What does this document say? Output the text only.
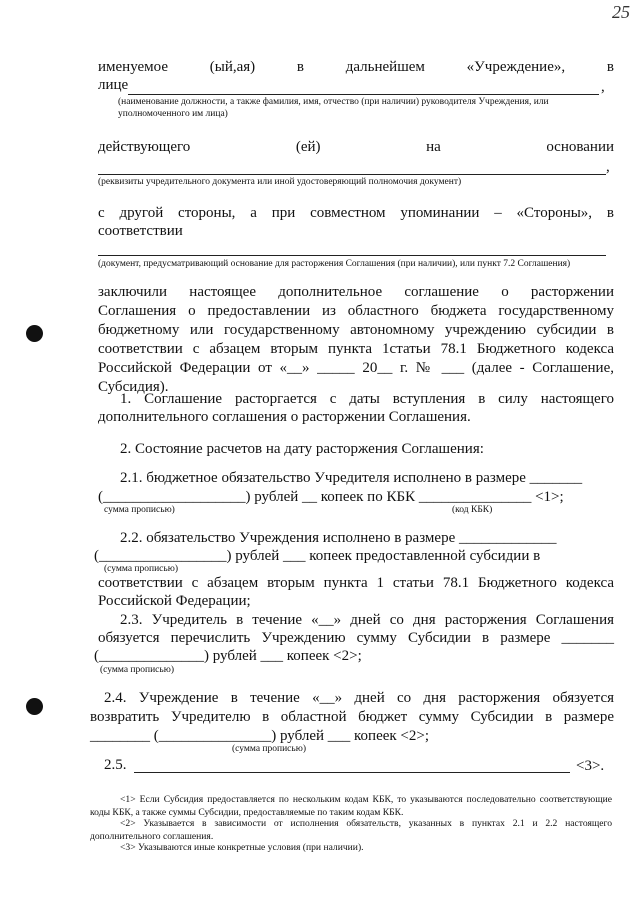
25
именуемое	(ый,ая)	в	дальнейшем	«Учреждение»,	в
лице	,
(наименование должности, а также фамилия, имя, отчество (при наличии) руководителя Учреждения, или уполномоченного им лица)
действующего	(ей)	на	основании
,
(реквизиты учредительного документа или иной удостоверяющий полномочия документ)
с другой стороны, а при совместном упоминании – «Стороны», в
соответствии
(документ, предусматривающий основание для расторжения Соглашения (при наличии), или пункт 7.2 Соглашения)
заключили настоящее дополнительное соглашение о расторжении
Соглашения о предоставлении из областного бюджета государственному
бюджетному или государственному автономному учреждению субсидии в
соответствии с абзацем вторым пункта 1статьи 78.1 Бюджетного кодекса
Российской Федерации от «__» _____ 20__ г. № ___ (далее - Соглашение,
Субсидия).
1. Соглашение расторгается с даты вступления в силу настоящего
дополнительного соглашения о расторжении Соглашения.
2. Состояние расчетов на дату расторжения Соглашения:
2.1. бюджетное обязательство Учредителя исполнено в размере _______
(___________________) рублей __ копеек по КБК _______________ <1>;
сумма прописью)	(код КБК)
2.2. обязательство Учреждения исполнено в размере _____________
(_________________) рублей ___ копеек предоставленной субсидии в
(сумма прописью)
соответствии с абзацем вторым пункта 1 статьи 78.1 Бюджетного кодекса
Российской Федерации;
2.3. Учредитель в течение «__» дней со дня расторжения Соглашения
обязуется перечислить Учреждению сумму Субсидии в размере _______
(______________) рублей ___ копеек <2>;
(сумма прописью)
2.4. Учреждение в течение «__» дней со дня расторжения обязуется
возвратить Учредителю в областной бюджет сумму Субсидии в размере
________ (_______________) рублей ___ копеек <2>;
(сумма прописью)
2.5.	<3>.
<1> Если Субсидия предоставляется по нескольким кодам КБК, то указываются последовательно соответствующие коды КБК, а также суммы Субсидии, предоставляемые по таким кодам КБК.
<2> Указывается в зависимости от исполнения обязательств, указанных в пунктах 2.1 и 2.2 настоящего дополнительного соглашения.
<3> Указываются иные конкретные условия (при наличии).
